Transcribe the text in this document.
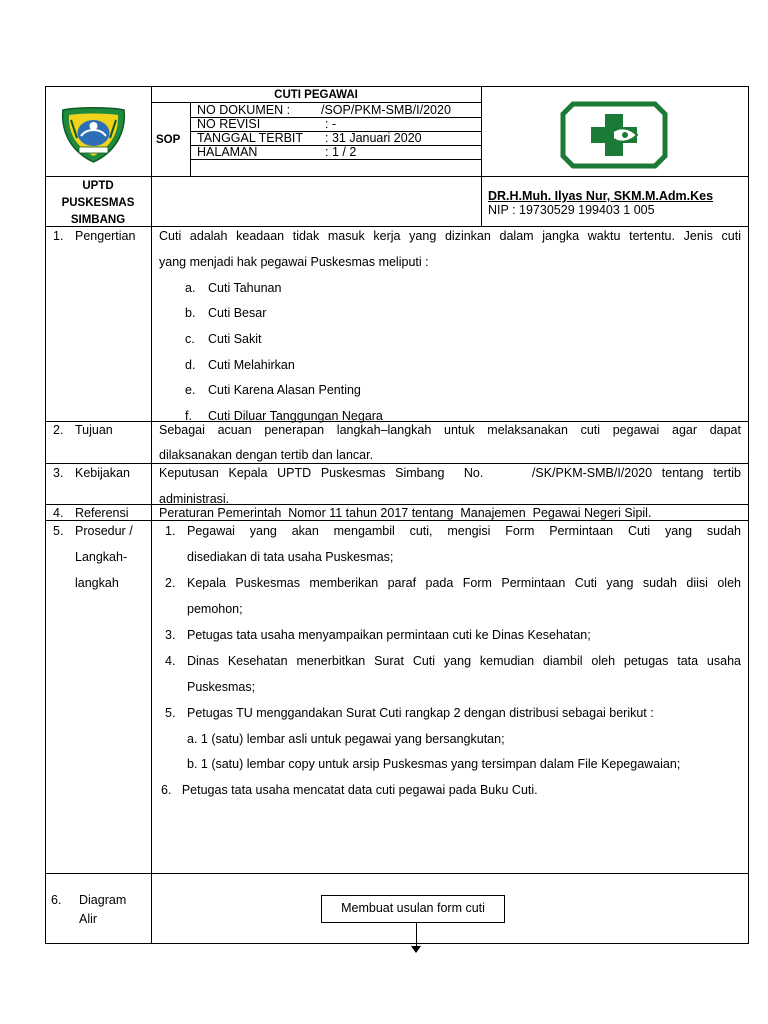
CUTI PEGAWAI
SOP
NO DOKUMEN : /SOP/PKM-SMB/I/2020
NO REVISI	: -
TANGGAL TERBIT : 31 Januari 2020
HALAMAN	: 1 / 2
UPTD
PUSKESMAS
SIMBANG
DR.H.Muh. Ilyas Nur, SKM.M.Adm.Kes
NIP : 19730529 199403 1 005
1. Pengertian Cuti adalah keadaan tidak masuk kerja yang dizinkan dalam jangka waktu tertentu. Jenis cuti
yang menjadi hak pegawai Puskesmas meliputi :
a. Cuti Tahunan
b. Cuti Besar
c. Cuti Sakit
d. Cuti Melahirkan
e. Cuti Karena Alasan Penting
f. Cuti Diluar Tanggungan Negara
2. Tujuan	Sebagai acuan penerapan langkah–langkah untuk melaksanakan cuti pegawai agar dapat
dilaksanakan dengan tertib dan lancar.
3. Kebijakan Keputusan Kepala UPTD Puskesmas Simbang  No.     /SK/PKM-SMB/I/2020 tentang tertib
administrasi.
4. Referensi Peraturan Pemerintah  Nomor 11 tahun 2017 tentang  Manajemen  Pegawai Negeri Sipil.
5. Prosedur /
Langkah-
langkah
1. Pegawai yang akan mengambil cuti, mengisi Form Permintaan Cuti yang sudah
disediakan di tata usaha Puskesmas;
2. Kepala Puskesmas memberikan paraf pada Form Permintaan Cuti yang sudah diisi oleh
pemohon;
3. Petugas tata usaha menyampaikan permintaan cuti ke Dinas Kesehatan;
4. Dinas Kesehatan menerbitkan Surat Cuti yang kemudian diambil oleh petugas tata usaha
Puskesmas;
5. Petugas TU menggandakan Surat Cuti rangkap 2 dengan distribusi sebagai berikut :
a. 1 (satu) lembar asli untuk pegawai yang bersangkutan;
b. 1 (satu) lembar copy untuk arsip Puskesmas yang tersimpan dalam File Kepegawaian;
6.   Petugas tata usaha mencatat data cuti pegawai pada Buku Cuti.
6. Diagram
Alir
Membuat usulan form cuti
